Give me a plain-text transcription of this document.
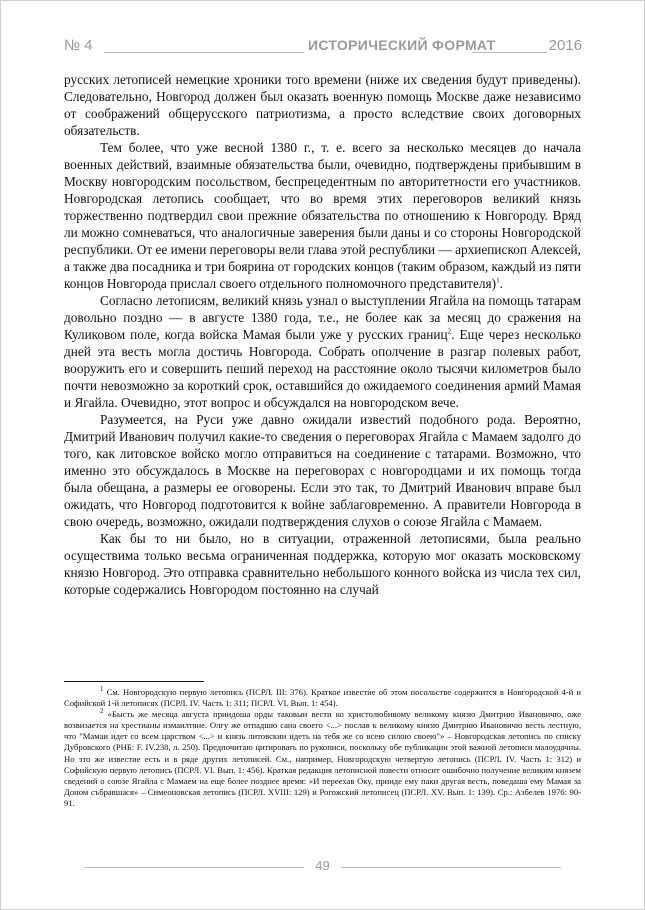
№ 4	ИСТОРИЧЕСКИЙ ФОРМАТ	2016

русских летописей немецкие хроники того времени (ниже их сведения будут приведены). Следовательно, Новгород должен был оказать военную помощь Москве даже независимо от соображений общерусского патриотизма, а просто вследствие своих договорных обязательств.

Тем более, что уже весной 1380 г., т. е. всего за несколько месяцев до начала военных действий, взаимные обязательства были, очевидно, подтверждены прибывшим в Москву новгородским посольством, беспрецедентным по авторитетности его участников. Новгородская летопись сообщает, что во время этих переговоров великий князь торжественно подтвердил свои прежние обязательства по отношению к Новгороду. Вряд ли можно сомневаться, что аналогичные заверения были даны и со стороны Новгородской республики. От ее имени переговоры вели глава этой республики — архиепископ Алексей, а также два посадника и три боярина от городских концов (таким образом, каждый из пяти концов Новгорода прислал своего отдельного полномочного представителя)$^1$.

Согласно летописям, великий князь узнал о выступлении Ягайла на помощь татарам довольно поздно — в августе 1380 года, т.е., не более как за месяц до сражения на Куликовом поле, когда войска Мамая были уже у русских границ$^2$. Еще через несколько дней эта весть могла достичь Новгорода. Собрать ополчение в разгар полевых работ, вооружить его и совершить пеший переход на расстояние около тысячи километров было почти невозможно за короткий срок, оставшийся до ожидаемого соединения армий Мамая и Ягайла. Очевидно, этот вопрос и обсуждался на новгородском вече.

Разумеется, на Руси уже давно ожидали известий подобного рода. Вероятно, Дмитрий Иванович получил какие-то сведения о переговорах Ягайла с Мамаем задолго до того, как литовское войско могло отправиться на соединение с татарами. Возможно, что именно это обсуждалось в Москве на переговорах с новгородцами и их помощь тогда была обещана, а размеры ее оговорены. Если это так, то Дмитрий Иванович вправе был ожидать, что Новгород подготовится к войне заблаговременно. А правители Новгорода в свою очередь, возможно, ожидали подтверждения слухов о союзе Ягайла с Мамаем.

Как бы то ни было, но в ситуации, отраженной летописями, была реально осуществима только весьма ограниченная поддержка, которую мог оказать московскому князю Новгород. Это отправка сравнительно небольшого конного войска из числа тех сил, которые содержались Новгородом постоянно на случай

$^1$ См. Новгородскую первую летопись (ПСРЛ. III: 376). Краткое известие об этом посольстве содержится в Новгородской 4-й и Софийской 1-й летописях (ПСРЛ. IV. Часть 1: 311; ПСРЛ. VI. Вып. 1: 454).

$^2$ «Бысть же месяца августа приидоша орды таковыи вести ко христолюбивому великому князю Дмитрию Ивановичю, оже возвизается на хрестианы измаилтяне. Олгу же отпадшю сана своего <...> послав к великому князю Дмитрию Ивановичю весть лестную, что "Мамаи идет со всем царством <...> и князь литовскии идеть на тебя же со всею силою своею"» – Новгородская летопись по списку Дубровского (РНБ: F. IV.238, л. 250). Предпочитаю цитировать по рукописи, поскольку обе публикации этой важной летописи малоудачны. Но это же известие есть и в ряде других летописей. См., например, Новгородскую четвертую летопись (ПСРЛ. IV. Часть 1: 312) и Софийскую первую летопись (ПСРЛ. VI. Вып. 1: 456). Краткая редакция летописной повести относит ошибочно получение великим князем сведений о союзе Ягайла с Мамаем на еще более позднее время: «И переехав Оку, прииде ему паки другая весть, поведаша ему Мамая за Доном събравшася» – Симеоновская летопись (ПСРЛ. XVIII: 129) и Рогожский летописец (ПСРЛ. XV. Вып. 1: 139). Ср.: Азбелев 1976: 90-91.

49
